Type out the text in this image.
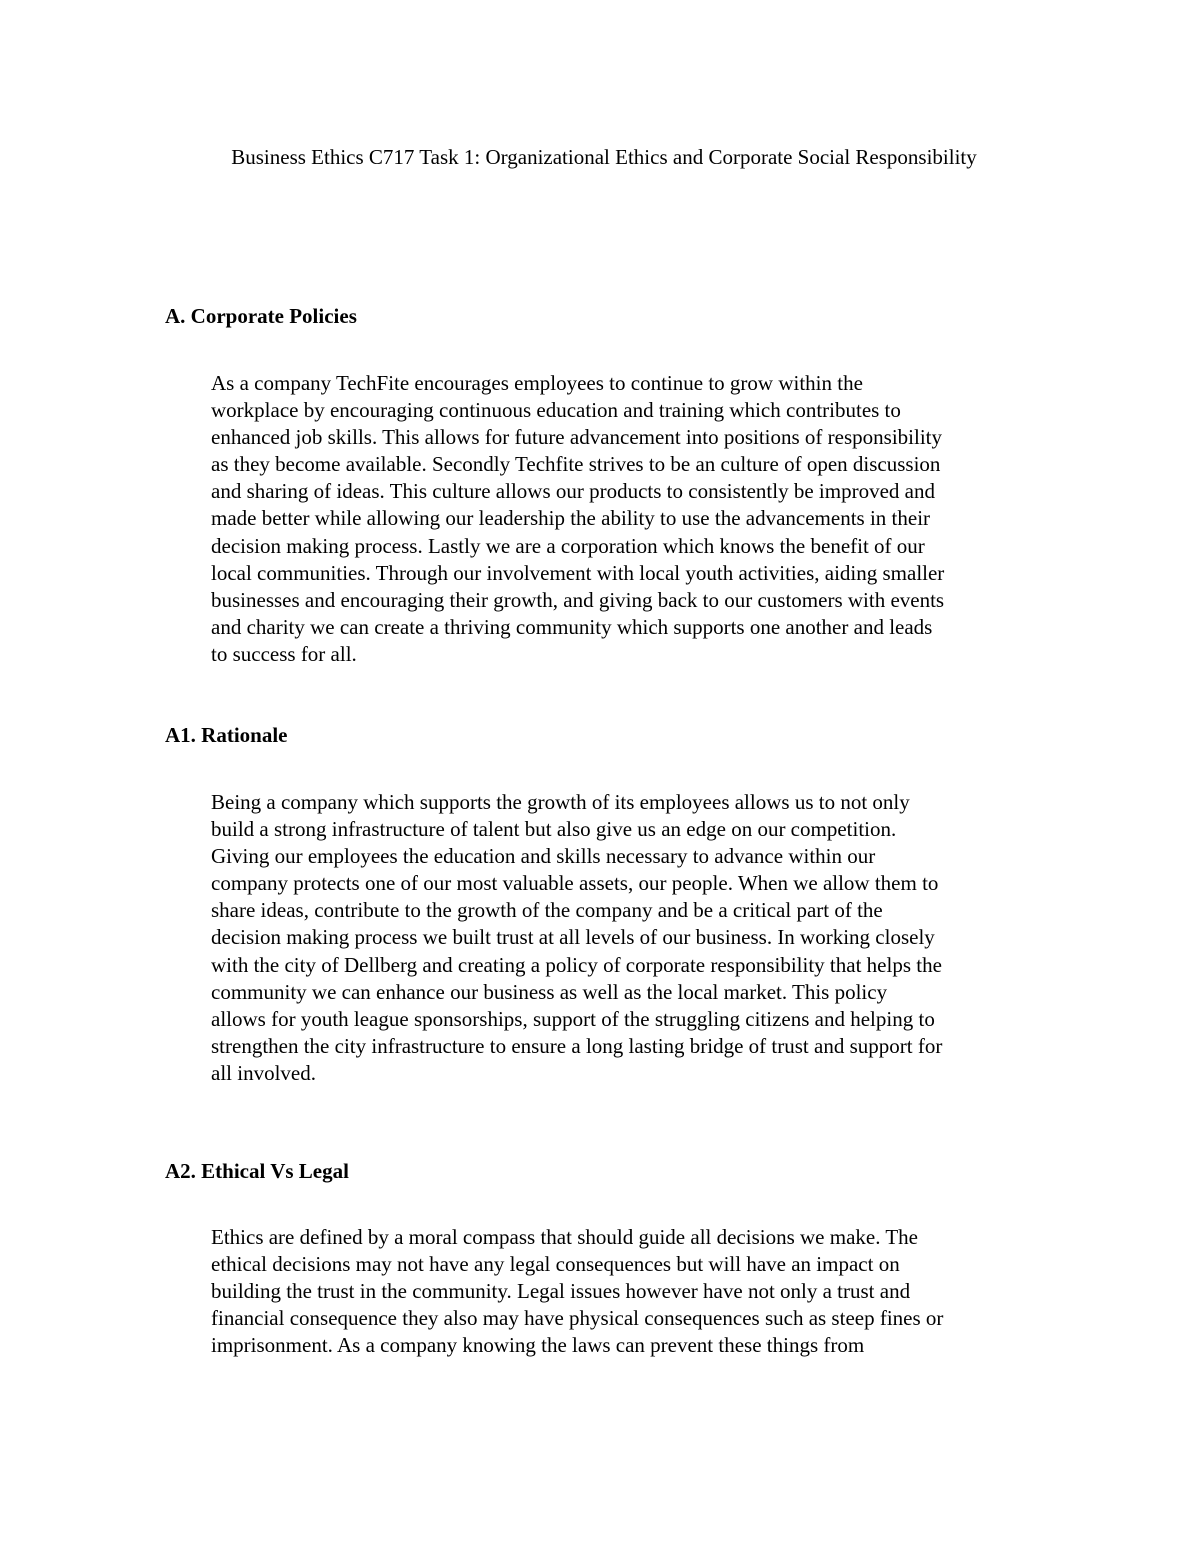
Business Ethics C717 Task 1: Organizational Ethics and Corporate Social Responsibility
A. Corporate Policies
As a company TechFite encourages employees to continue to grow within the
workplace by encouraging continuous education and training which contributes to
enhanced job skills. This allows for future advancement into positions of responsibility
as they become available. Secondly Techfite strives to be an culture of open discussion
and sharing of ideas. This culture allows our products to consistently be improved and
made better while allowing our leadership the ability to use the advancements in their
decision making process. Lastly we are a corporation which knows the benefit of our
local communities. Through our involvement with local youth activities, aiding smaller
businesses and encouraging their growth, and giving back to our customers with events
and charity we can create a thriving community which supports one another and leads
to success for all.
A1. Rationale
Being a company which supports the growth of its employees allows us to not only
build a strong infrastructure of talent but also give us an edge on our competition.
Giving our employees the education and skills necessary to advance within our
company protects one of our most valuable assets, our people. When we allow them to
share ideas, contribute to the growth of the company and be a critical part of the
decision making process we built trust at all levels of our business. In working closely
with the city of Dellberg and creating a policy of corporate responsibility that helps the
community we can enhance our business as well as the local market. This policy
allows for youth league sponsorships, support of the struggling citizens and helping to
strengthen the city infrastructure to ensure a long lasting bridge of trust and support for
all involved.
A2. Ethical Vs Legal
Ethics are defined by a moral compass that should guide all decisions we make. The
ethical decisions may not have any legal consequences but will have an impact on
building the trust in the community. Legal issues however have not only a trust and
financial consequence they also may have physical consequences such as steep fines or
imprisonment. As a company knowing the laws can prevent these things from
